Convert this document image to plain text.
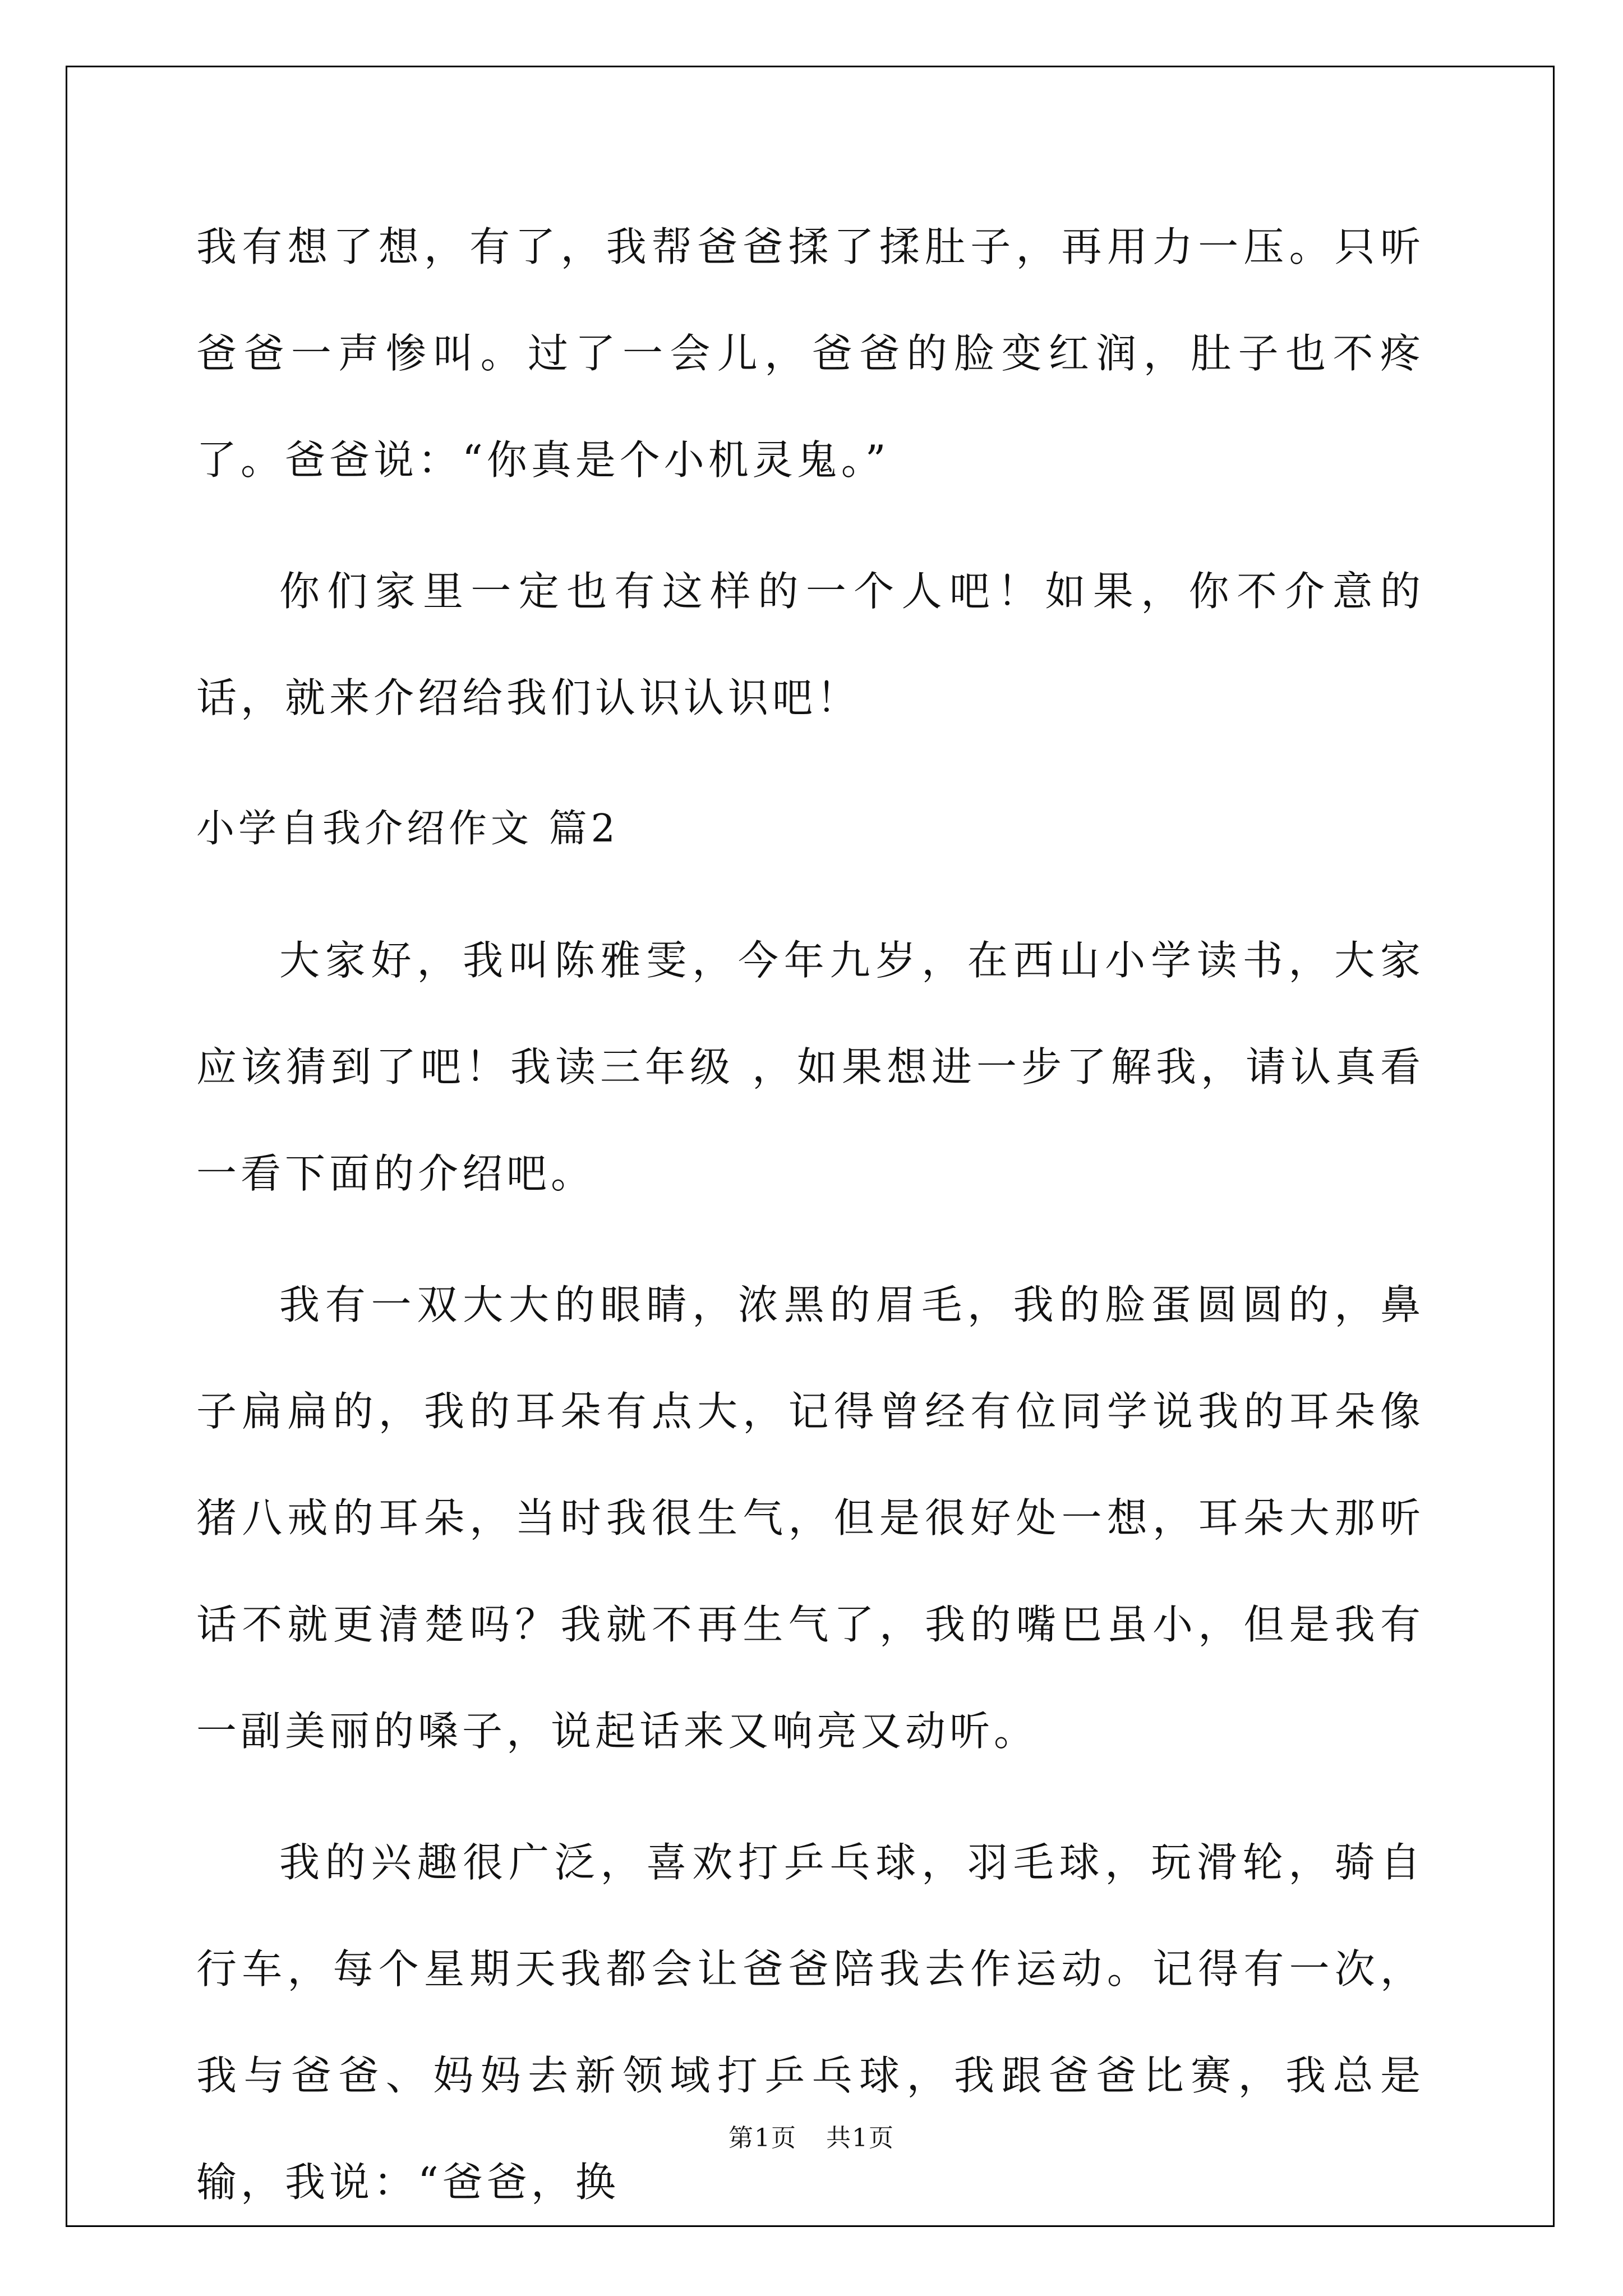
我有想了想，有了，我帮爸爸揉了揉肚子，再用力一压。只听爸爸一声惨叫。过了一会儿，爸爸的脸变红润，肚子也不疼了。爸爸说：“你真是个小机灵鬼。”

你们家里一定也有这样的一个人吧！如果，你不介意的话，就来介绍给我们认识认识吧！

小学自我介绍作文 篇2

大家好，我叫陈雅雯，今年九岁，在西山小学读书，大家应该猜到了吧！我读三年级 ，如果想进一步了解我，请认真看一看下面的介绍吧。

我有一双大大的眼睛，浓黑的眉毛，我的脸蛋圆圆的，鼻子扁扁的，我的耳朵有点大，记得曾经有位同学说我的耳朵像猪八戒的耳朵，当时我很生气，但是很好处一想，耳朵大那听话不就更清楚吗？我就不再生气了，我的嘴巴虽小，但是我有一副美丽的嗓子，说起话来又响亮又动听。

我的兴趣很广泛，喜欢打乒乓球，羽毛球，玩滑轮，骑自行车，每个星期天我都会让爸爸陪我去作运动。记得有一次，我与爸爸、妈妈去新领域打乒乓球，我跟爸爸比赛，我总是输，我说：“爸爸，换

第1页 共1页
